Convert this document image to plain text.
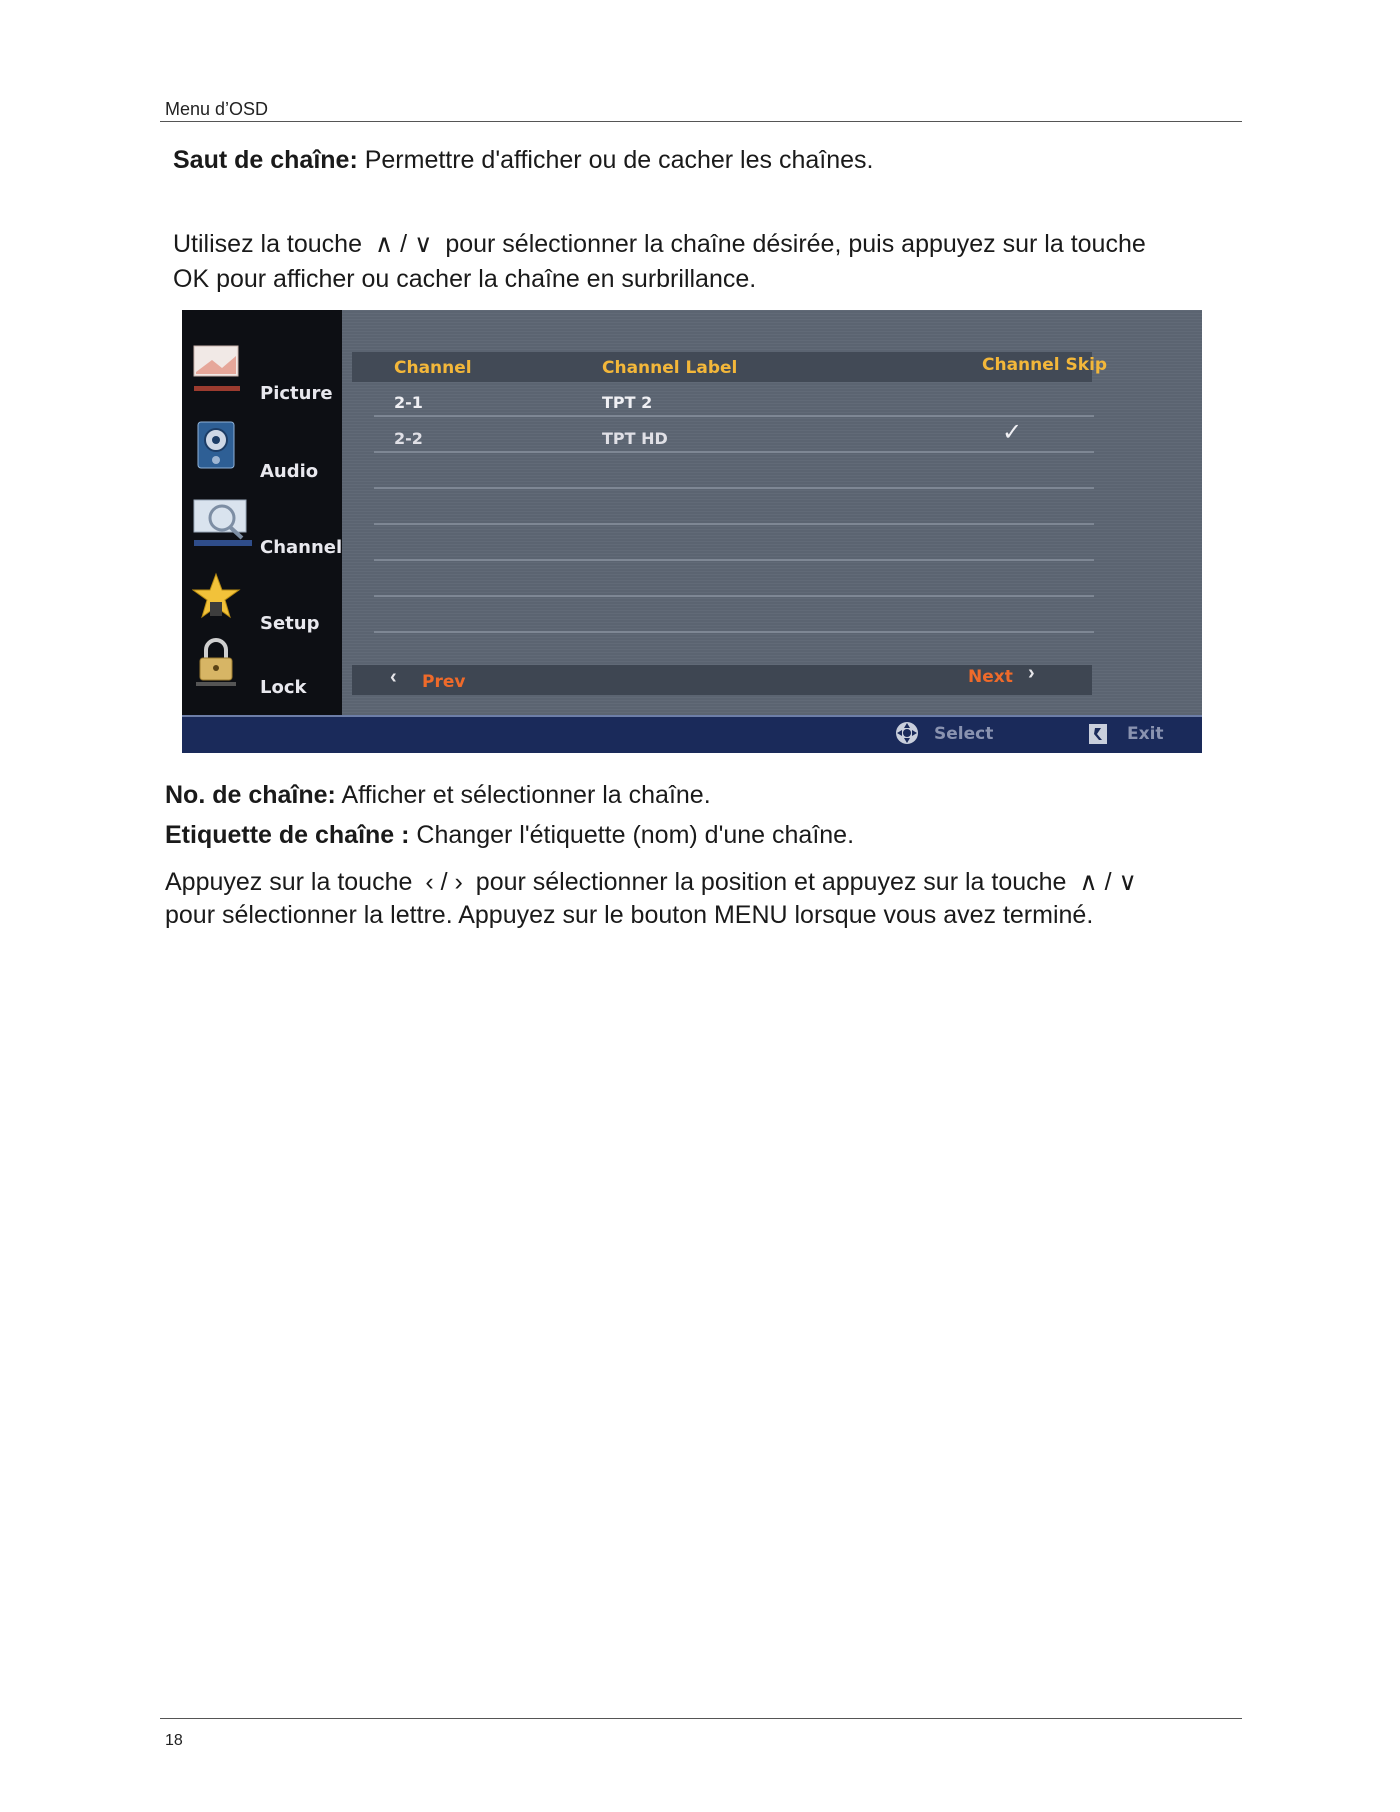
Menu d’OSD
Saut de chaîne: Permettre d'afficher ou de cacher les chaînes.
Utilisez la touche ∧ / ∨ pour sélectionner la chaîne désirée, puis appuyez sur la touche
OK pour afficher ou cacher la chaîne en surbrillance.
Picture
Audio
Channel
Setup
Lock
Channel	Channel Label	Channel Skip
2-1	TPT 2
2-2	TPT HD	✓
‹ Prev	Next ›
Select	Exit
No. de chaîne: Afficher et sélectionner la chaîne.
Etiquette de chaîne : Changer l'étiquette (nom) d'une chaîne.
Appuyez sur la touche ‹ / › pour sélectionner la position et appuyez sur la touche ∧ / ∨
pour sélectionner la lettre. Appuyez sur le bouton MENU lorsque vous avez terminé.
18
